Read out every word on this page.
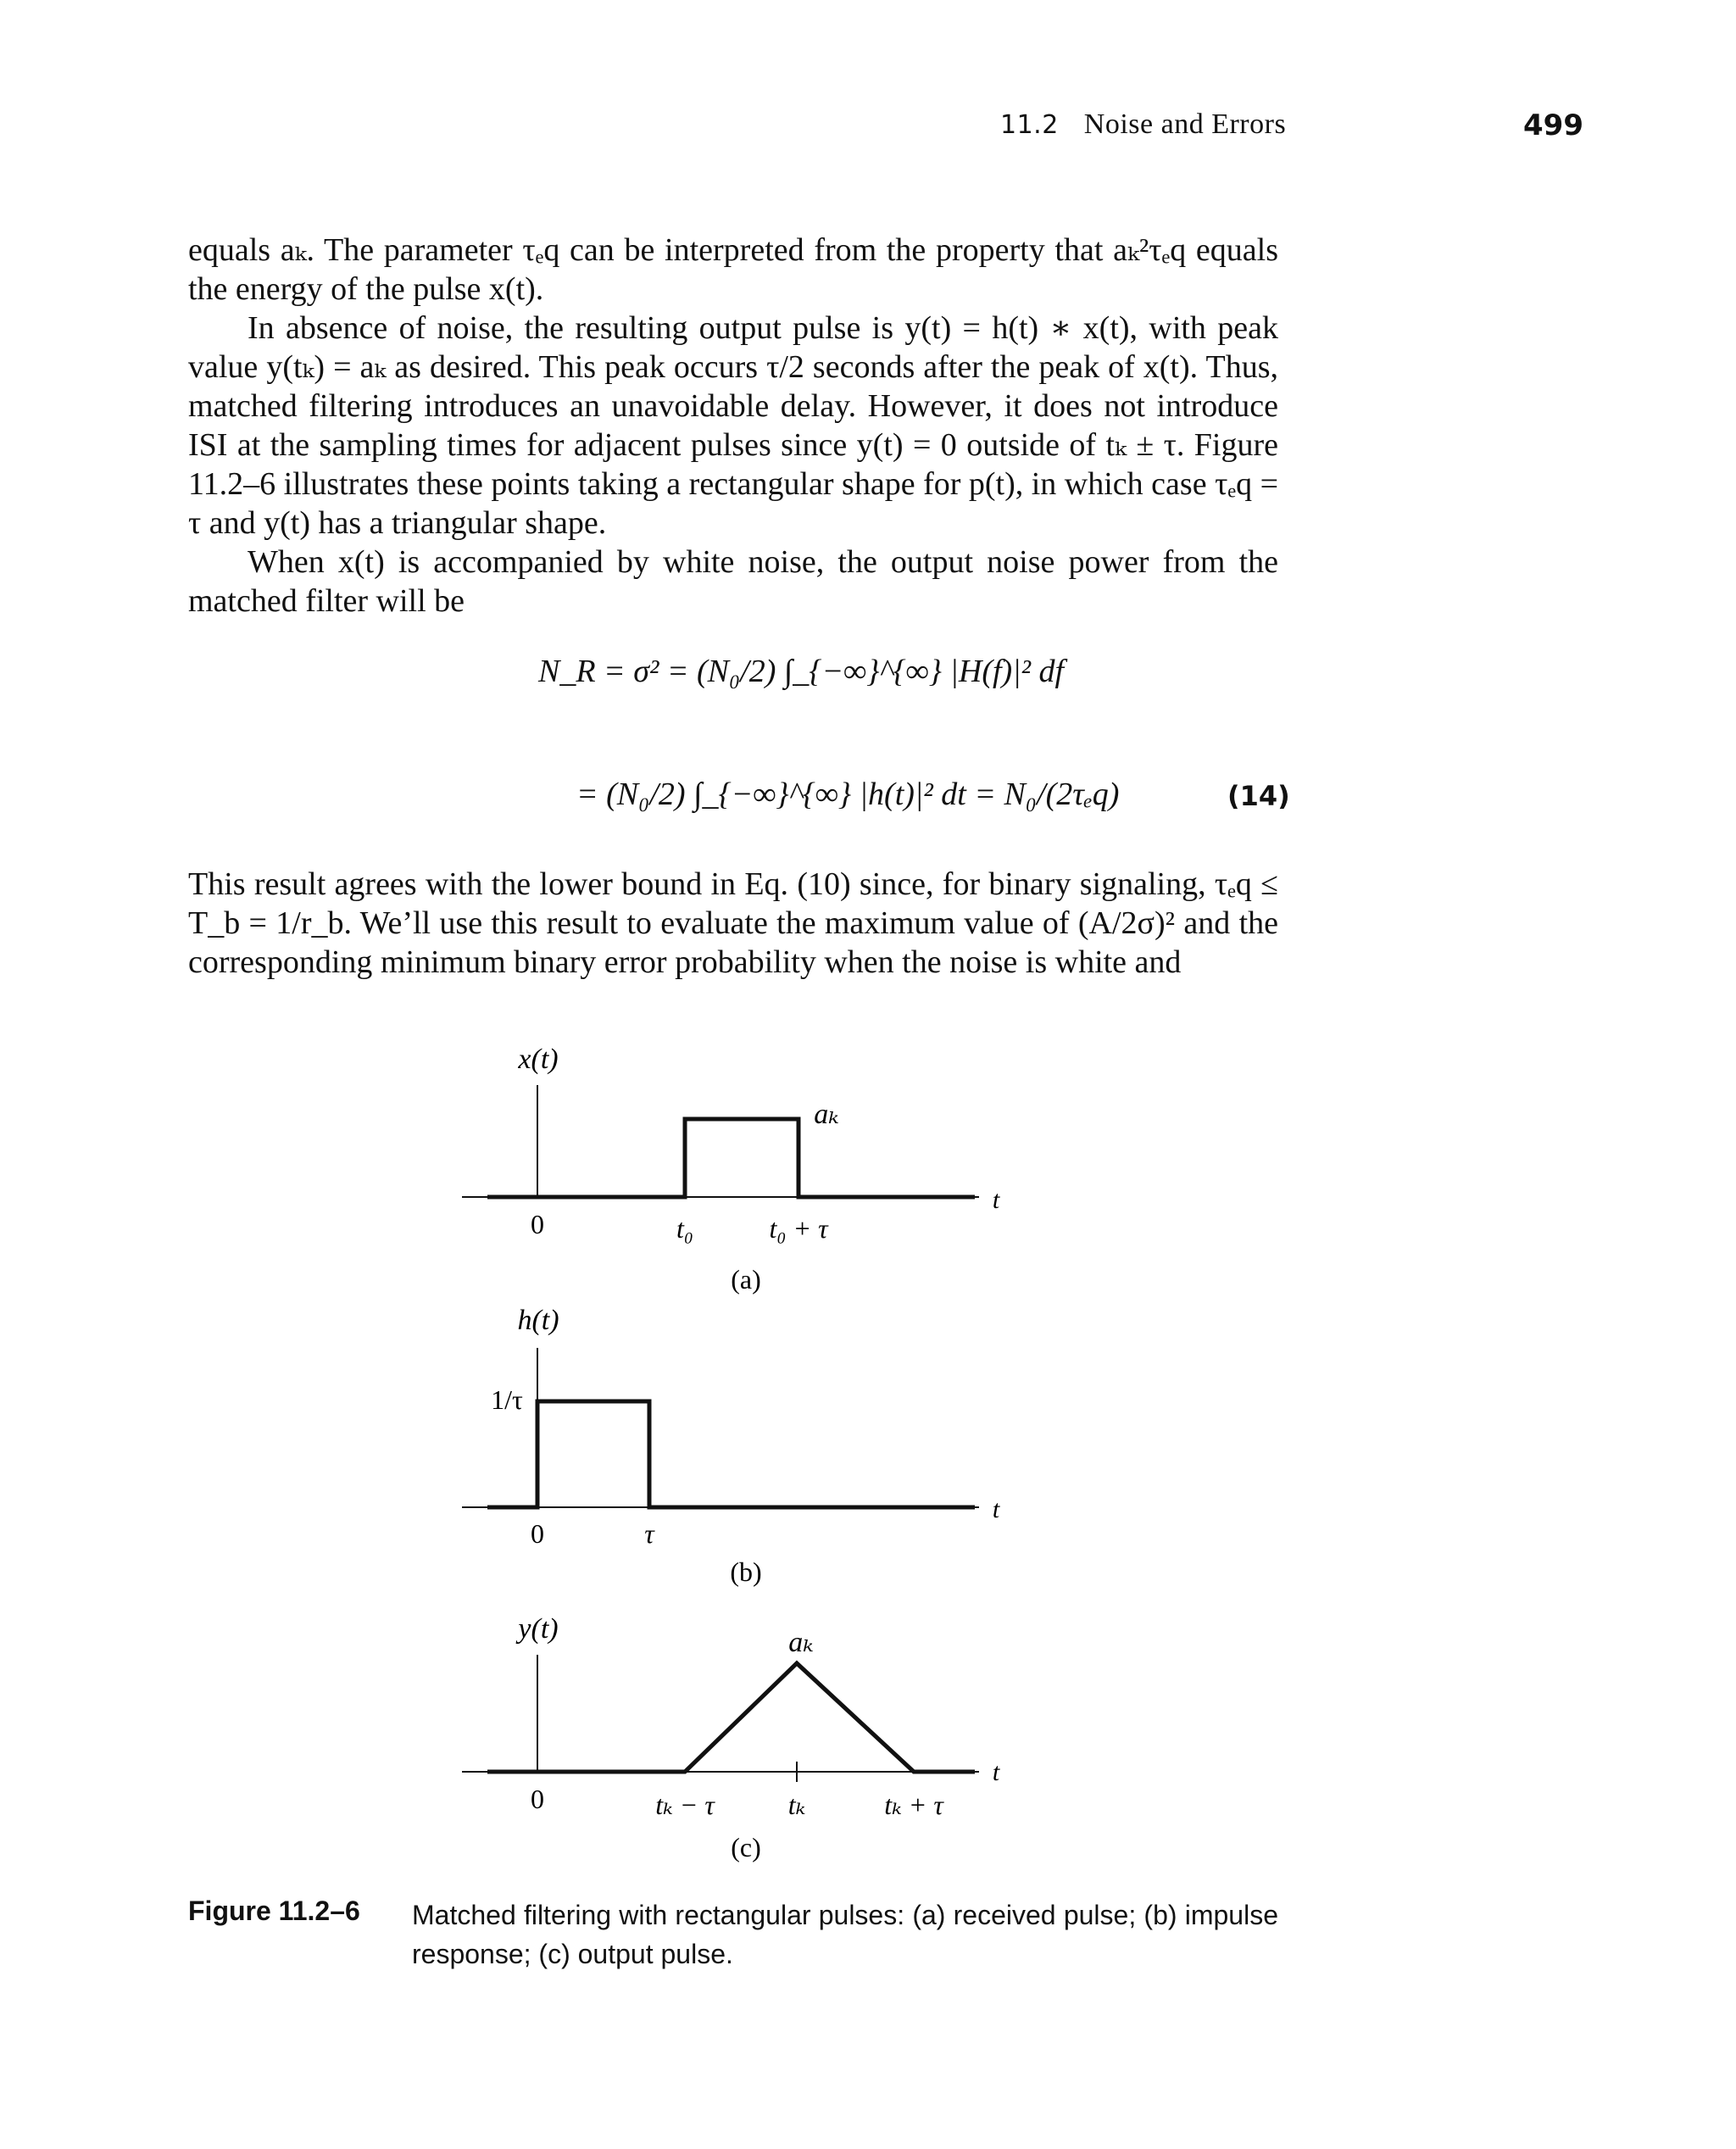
11.2 Noise and Errors	499

equals aₖ. The parameter τₑq can be interpreted from the property that aₖ²τₑq equals the energy of the pulse x(t).

In absence of noise, the resulting output pulse is y(t) = h(t) ∗ x(t), with peak value y(tₖ) = aₖ as desired. This peak occurs τ/2 seconds after the peak of x(t). Thus, matched filtering introduces an unavoidable delay. However, it does not introduce ISI at the sampling times for adjacent pulses since y(t) = 0 outside of tₖ ± τ. Figure 11.2–6 illustrates these points taking a rectangular shape for p(t), in which case τₑq = τ and y(t) has a triangular shape.

When x(t) is accompanied by white noise, the output noise power from the matched filter will be

N_R = σ² = (N₀/2) ∫_{−∞}^{∞} |H(f)|² df
= (N₀/2) ∫_{−∞}^{∞} |h(t)|² dt = N₀/(2τₑq)	(14)

This result agrees with the lower bound in Eq. (10) since, for binary signaling, τₑq ≤ T_b = 1/r_b. We’ll use this result to evaluate the maximum value of (A/2σ)² and the corresponding minimum binary error probability when the noise is white and

x(t)
aₖ
t
0	t₀	t₀ + τ
(a)
h(t)
1/τ
t
0	τ
(b)
y(t)	aₖ
t
0	tₖ − τ	tₖ	tₖ + τ
(c)
Figure 11.2–6 Matched filtering with rectangular pulses: (a) received pulse; (b) impulse response; (c) output pulse.
